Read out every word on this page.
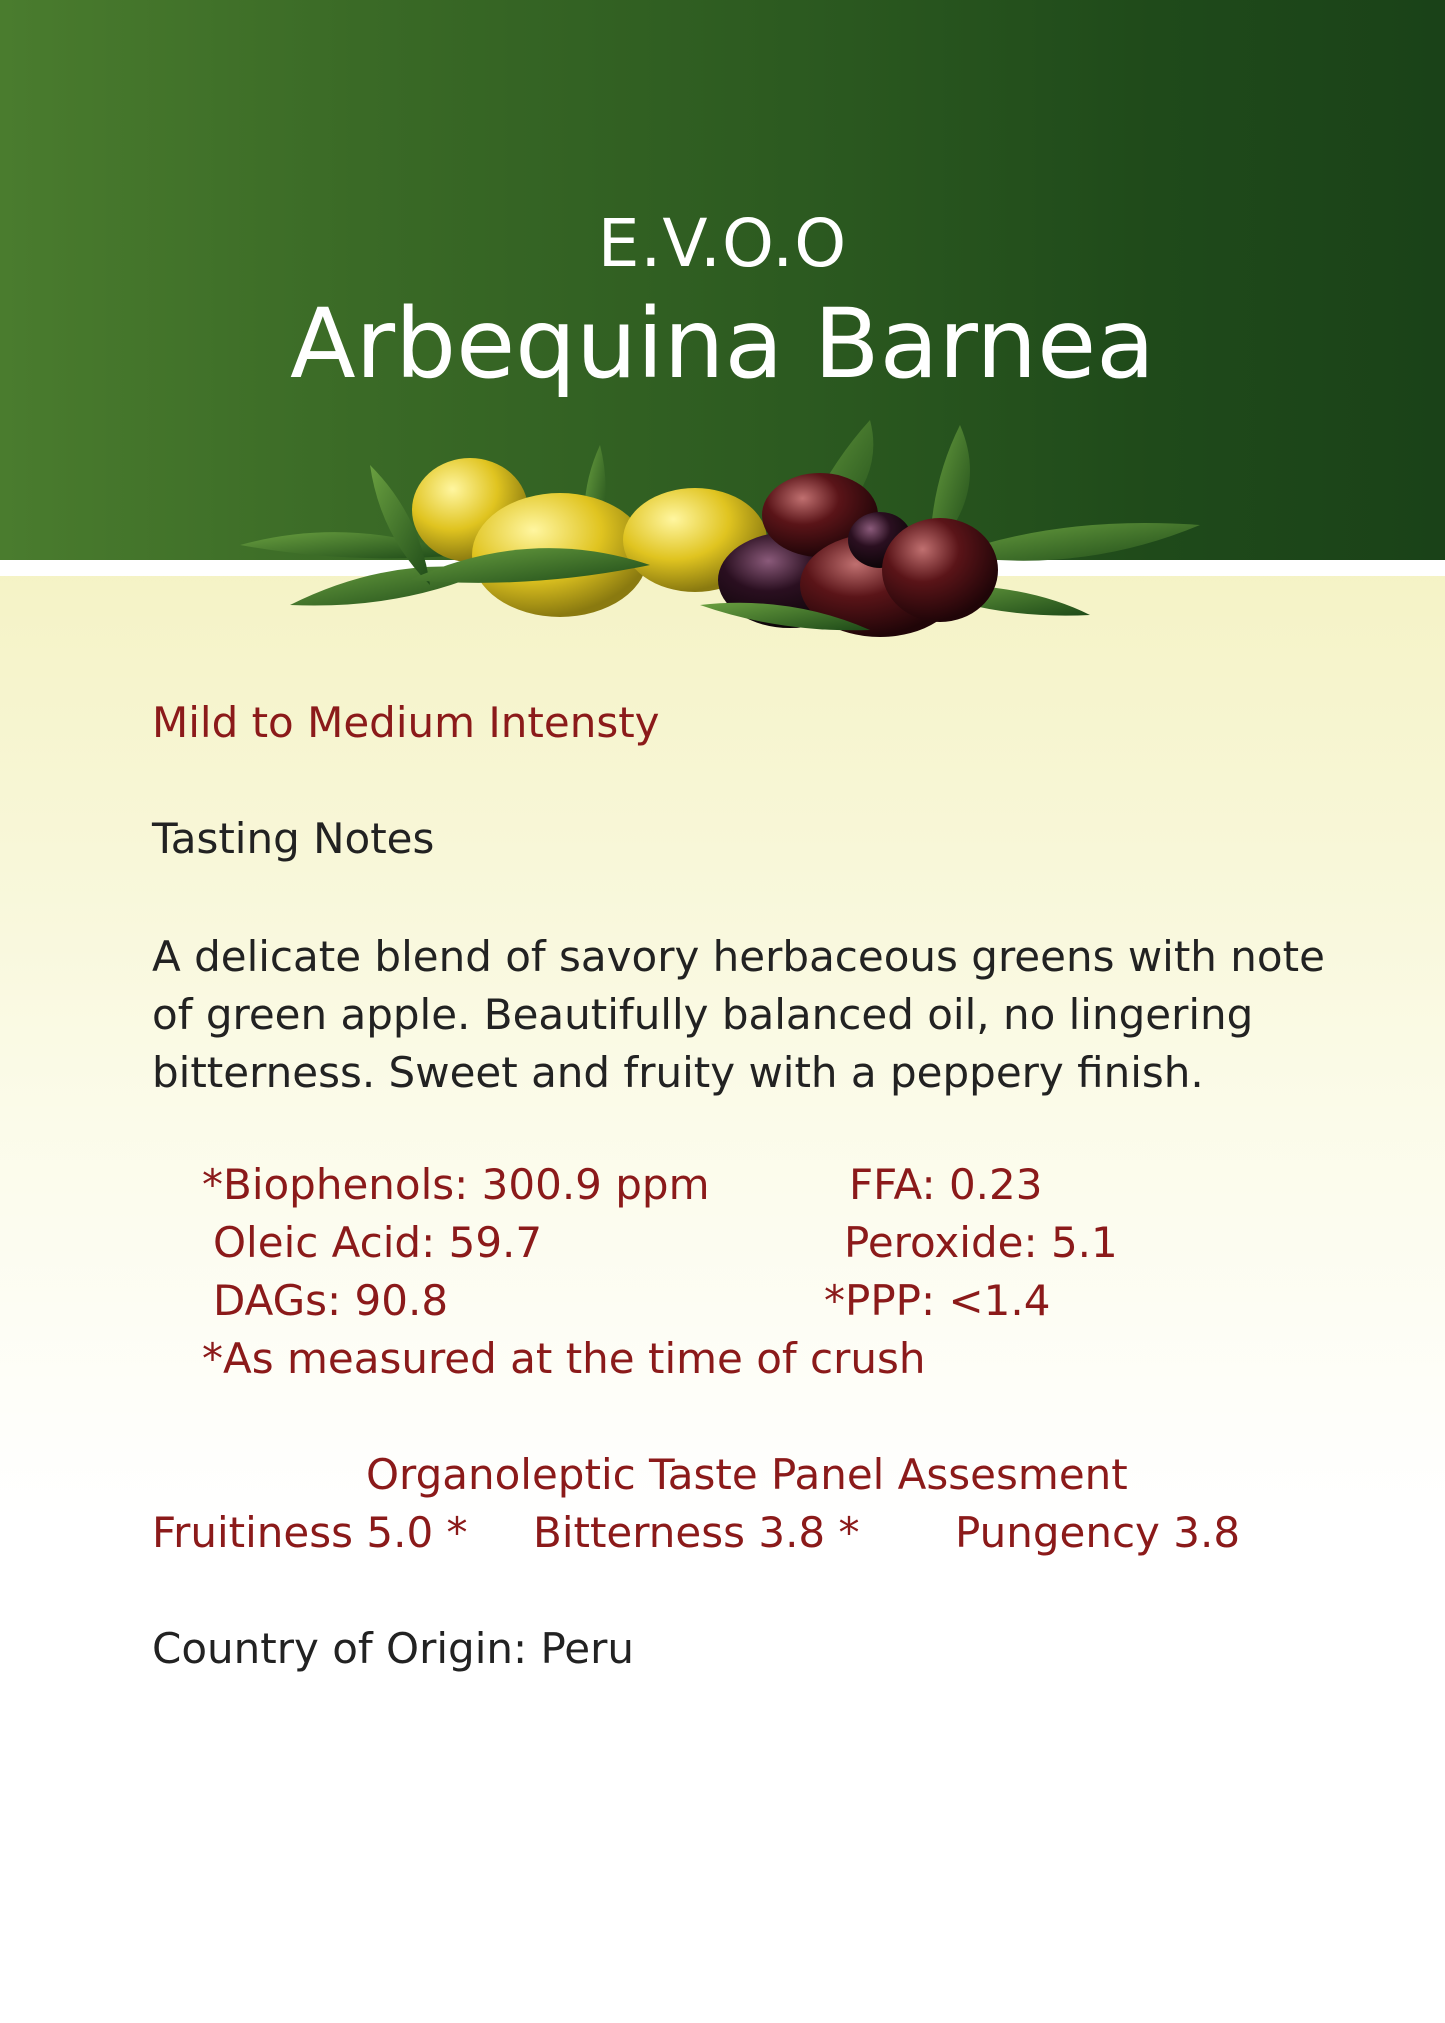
E.V.O.O
Arbequina Barnea
Mild to Medium Intensty
Tasting Notes
A delicate blend of savory herbaceous greens with note
of green apple. Beautifully balanced oil, no lingering
bitterness. Sweet and fruity with a peppery finish.
*Biophenols: 300.9 ppm	FFA: 0.23
Oleic Acid: 59.7	Peroxide: 5.1
DAGs: 90.8	*PPP: <1.4
*As measured at the time of crush
Organoleptic Taste Panel Assesment
Fruitiness 5.0 * Bitterness 3.8 * Pungency 3.8
Country of Origin: Peru
